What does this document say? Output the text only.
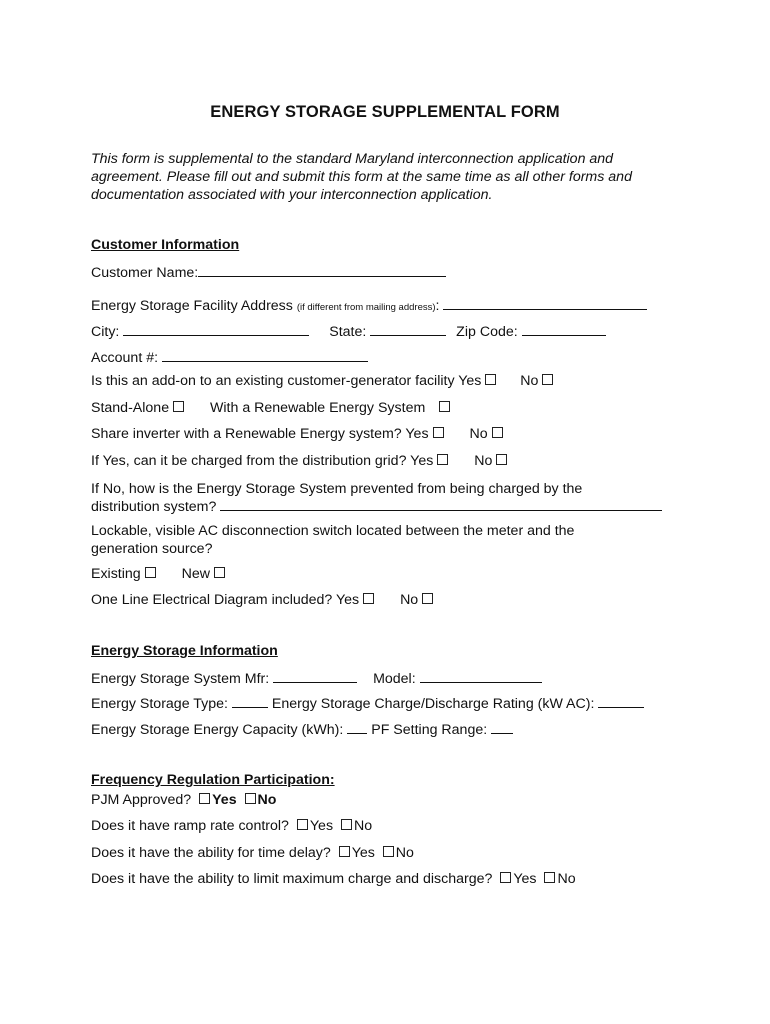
ENERGY STORAGE SUPPLEMENTAL FORM
This form is supplemental to the standard Maryland interconnection application and
agreement. Please fill out and submit this form at the same time as all other forms and
documentation associated with your interconnection application.
Customer Information
Customer Name:
Energy Storage Facility Address (if different from mailing address):
City:	State:	Zip Code:
Account #:
Is this an add-on to an existing customer-generator facility Yes	No
Stand-Alone	With a Renewable Energy System
Share inverter with a Renewable Energy system? Yes	No
If Yes, can it be charged from the distribution grid? Yes	No
If No, how is the Energy Storage System prevented from being charged by the
distribution system?
Lockable, visible AC disconnection switch located between the meter and the
generation source?
Existing	New
One Line Electrical Diagram included? Yes	No
Energy Storage Information
Energy Storage System Mfr:	Model:
Energy Storage Type:	Energy Storage Charge/Discharge Rating (kW AC):
Energy Storage Energy Capacity (kWh): PF Setting Range:
Frequency Regulation Participation:
PJM Approved? Yes No
Does it have ramp rate control? Yes No
Does it have the ability for time delay? Yes No
Does it have the ability to limit maximum charge and discharge? Yes No
